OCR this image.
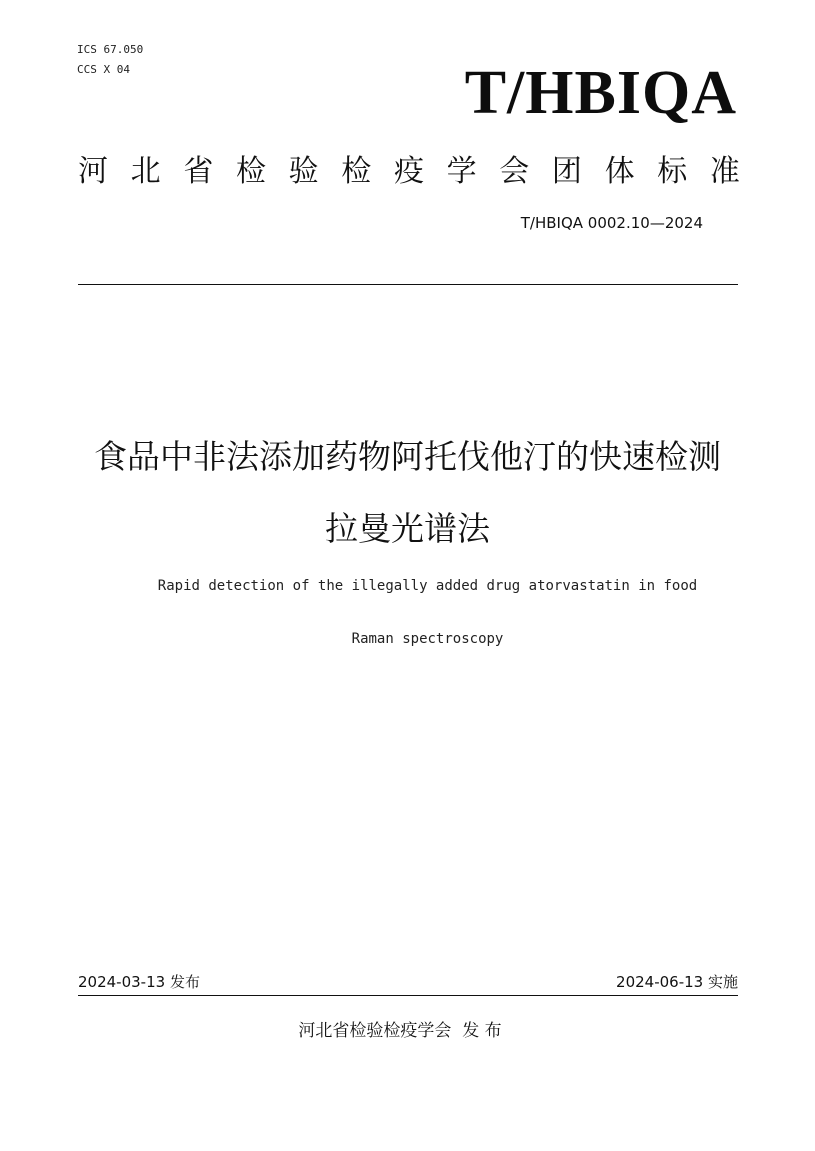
ICS 67.050
CCS X 04	T/HBIQA
河 北 省 检 验 检 疫 学 会 团 体 标 准
T/HBIQA 0002.10—2024
食品中非法添加药物阿托伐他汀的快速检测
拉曼光谱法
Rapid detection of the illegally added drug atorvastatin in food
Raman spectroscopy
2024-03-13 发布	2024-06-13 实施
河北省检验检疫学会  发 布
